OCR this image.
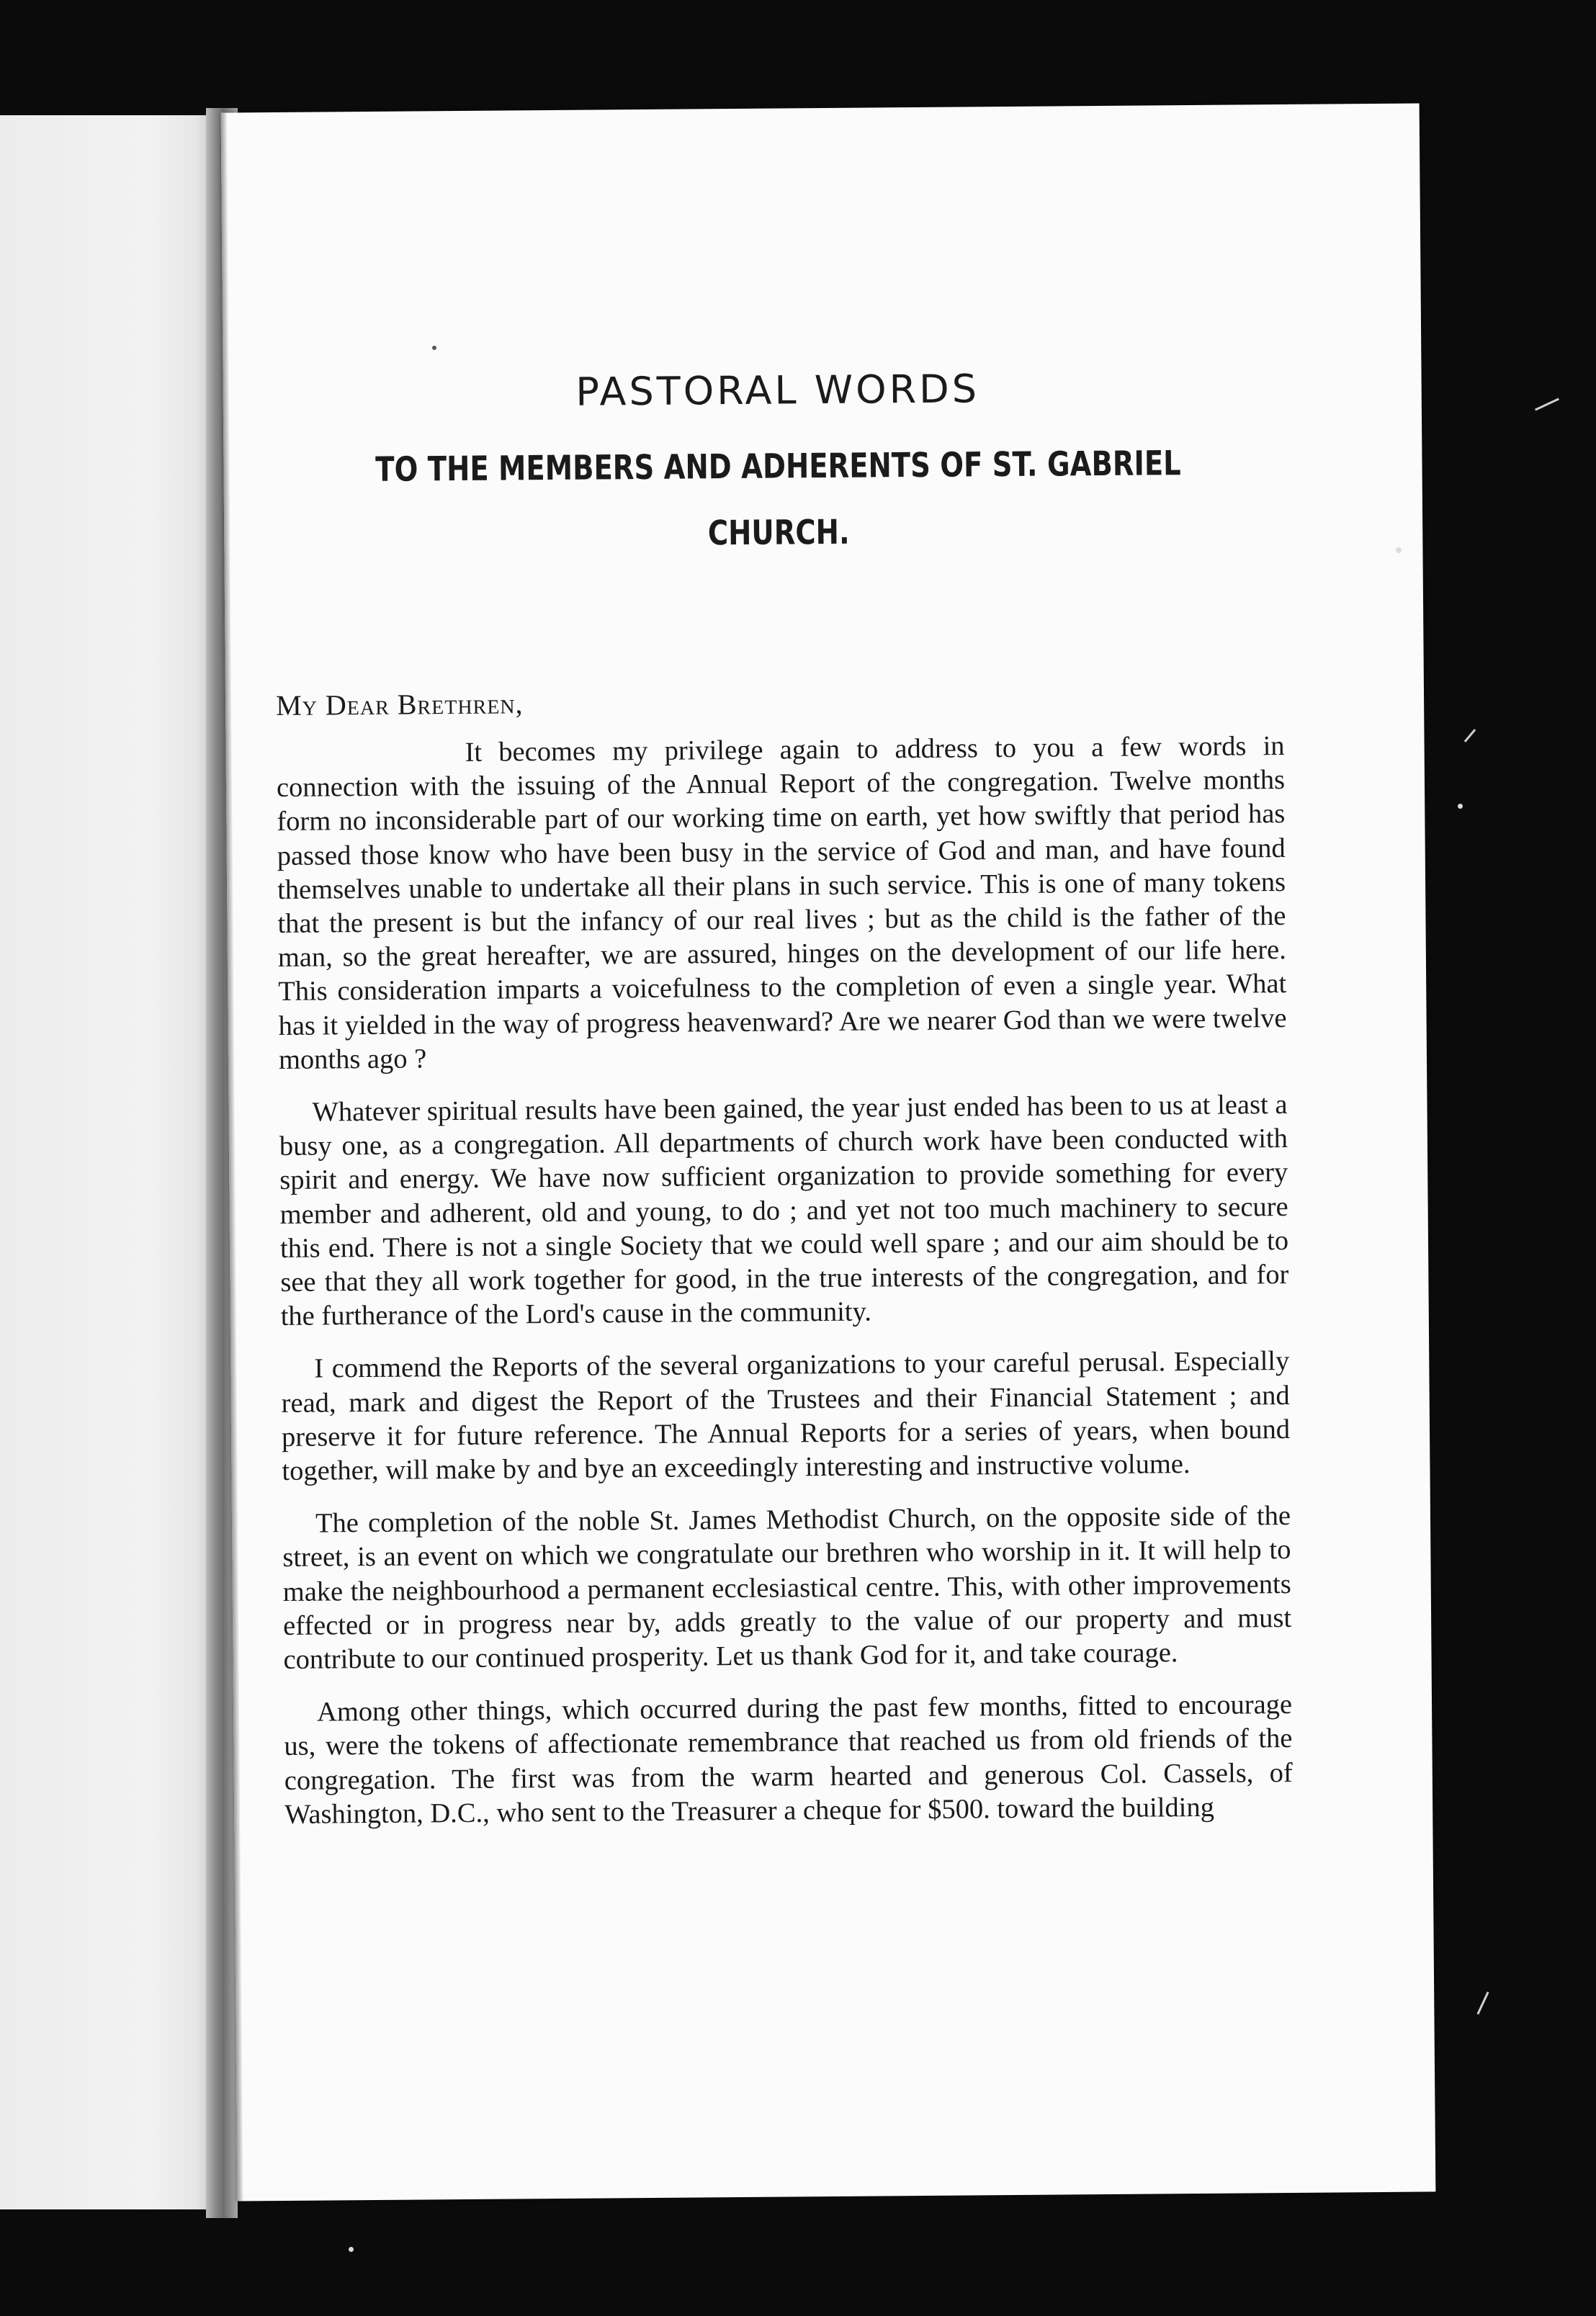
PASTORAL WORDS
TO THE MEMBERS AND ADHERENTS OF ST. GABRIEL CHURCH.

My Dear Brethren,

It becomes my privilege again to address to you a few words in connection with the issuing of the Annual Report of the congregation. Twelve months form no inconsiderable part of our working time on earth, yet how swiftly that period has passed those know who have been busy in the service of God and man, and have found themselves unable to undertake all their plans in such service. This is one of many tokens that the present is but the infancy of our real lives ; but as the child is the father of the man, so the great hereafter, we are assured, hinges on the development of our life here. This consideration imparts a voicefulness to the completion of even a single year. What has it yielded in the way of progress heavenward? Are we nearer God than we were twelve months ago ?

Whatever spiritual results have been gained, the year just ended has been to us at least a busy one, as a congregation. All departments of church work have been conducted with spirit and energy. We have now sufficient organization to provide something for every member and adherent, old and young, to do ; and yet not too much machinery to secure this end. There is not a single Society that we could well spare ; and our aim should be to see that they all work together for good, in the true interests of the congregation, and for the furtherance of the Lord's cause in the community.

I commend the Reports of the several organizations to your careful perusal. Especially read, mark and digest the Report of the Trustees and their Financial Statement ; and preserve it for future reference. The Annual Reports for a series of years, when bound together, will make by and bye an exceedingly interesting and instructive volume.

The completion of the noble St. James Methodist Church, on the opposite side of the street, is an event on which we congratulate our brethren who worship in it. It will help to make the neighbourhood a permanent ecclesiastical centre. This, with other improvements effected or in progress near by, adds greatly to the value of our property and must contribute to our continued prosperity. Let us thank God for it, and take courage.

Among other things, which occurred during the past few months, fitted to encourage us, were the tokens of affectionate remembrance that reached us from old friends of the congregation. The first was from the warm hearted and generous Col. Cassels, of Washington, D.C., who sent to the Treasurer a cheque for $500. toward the building
